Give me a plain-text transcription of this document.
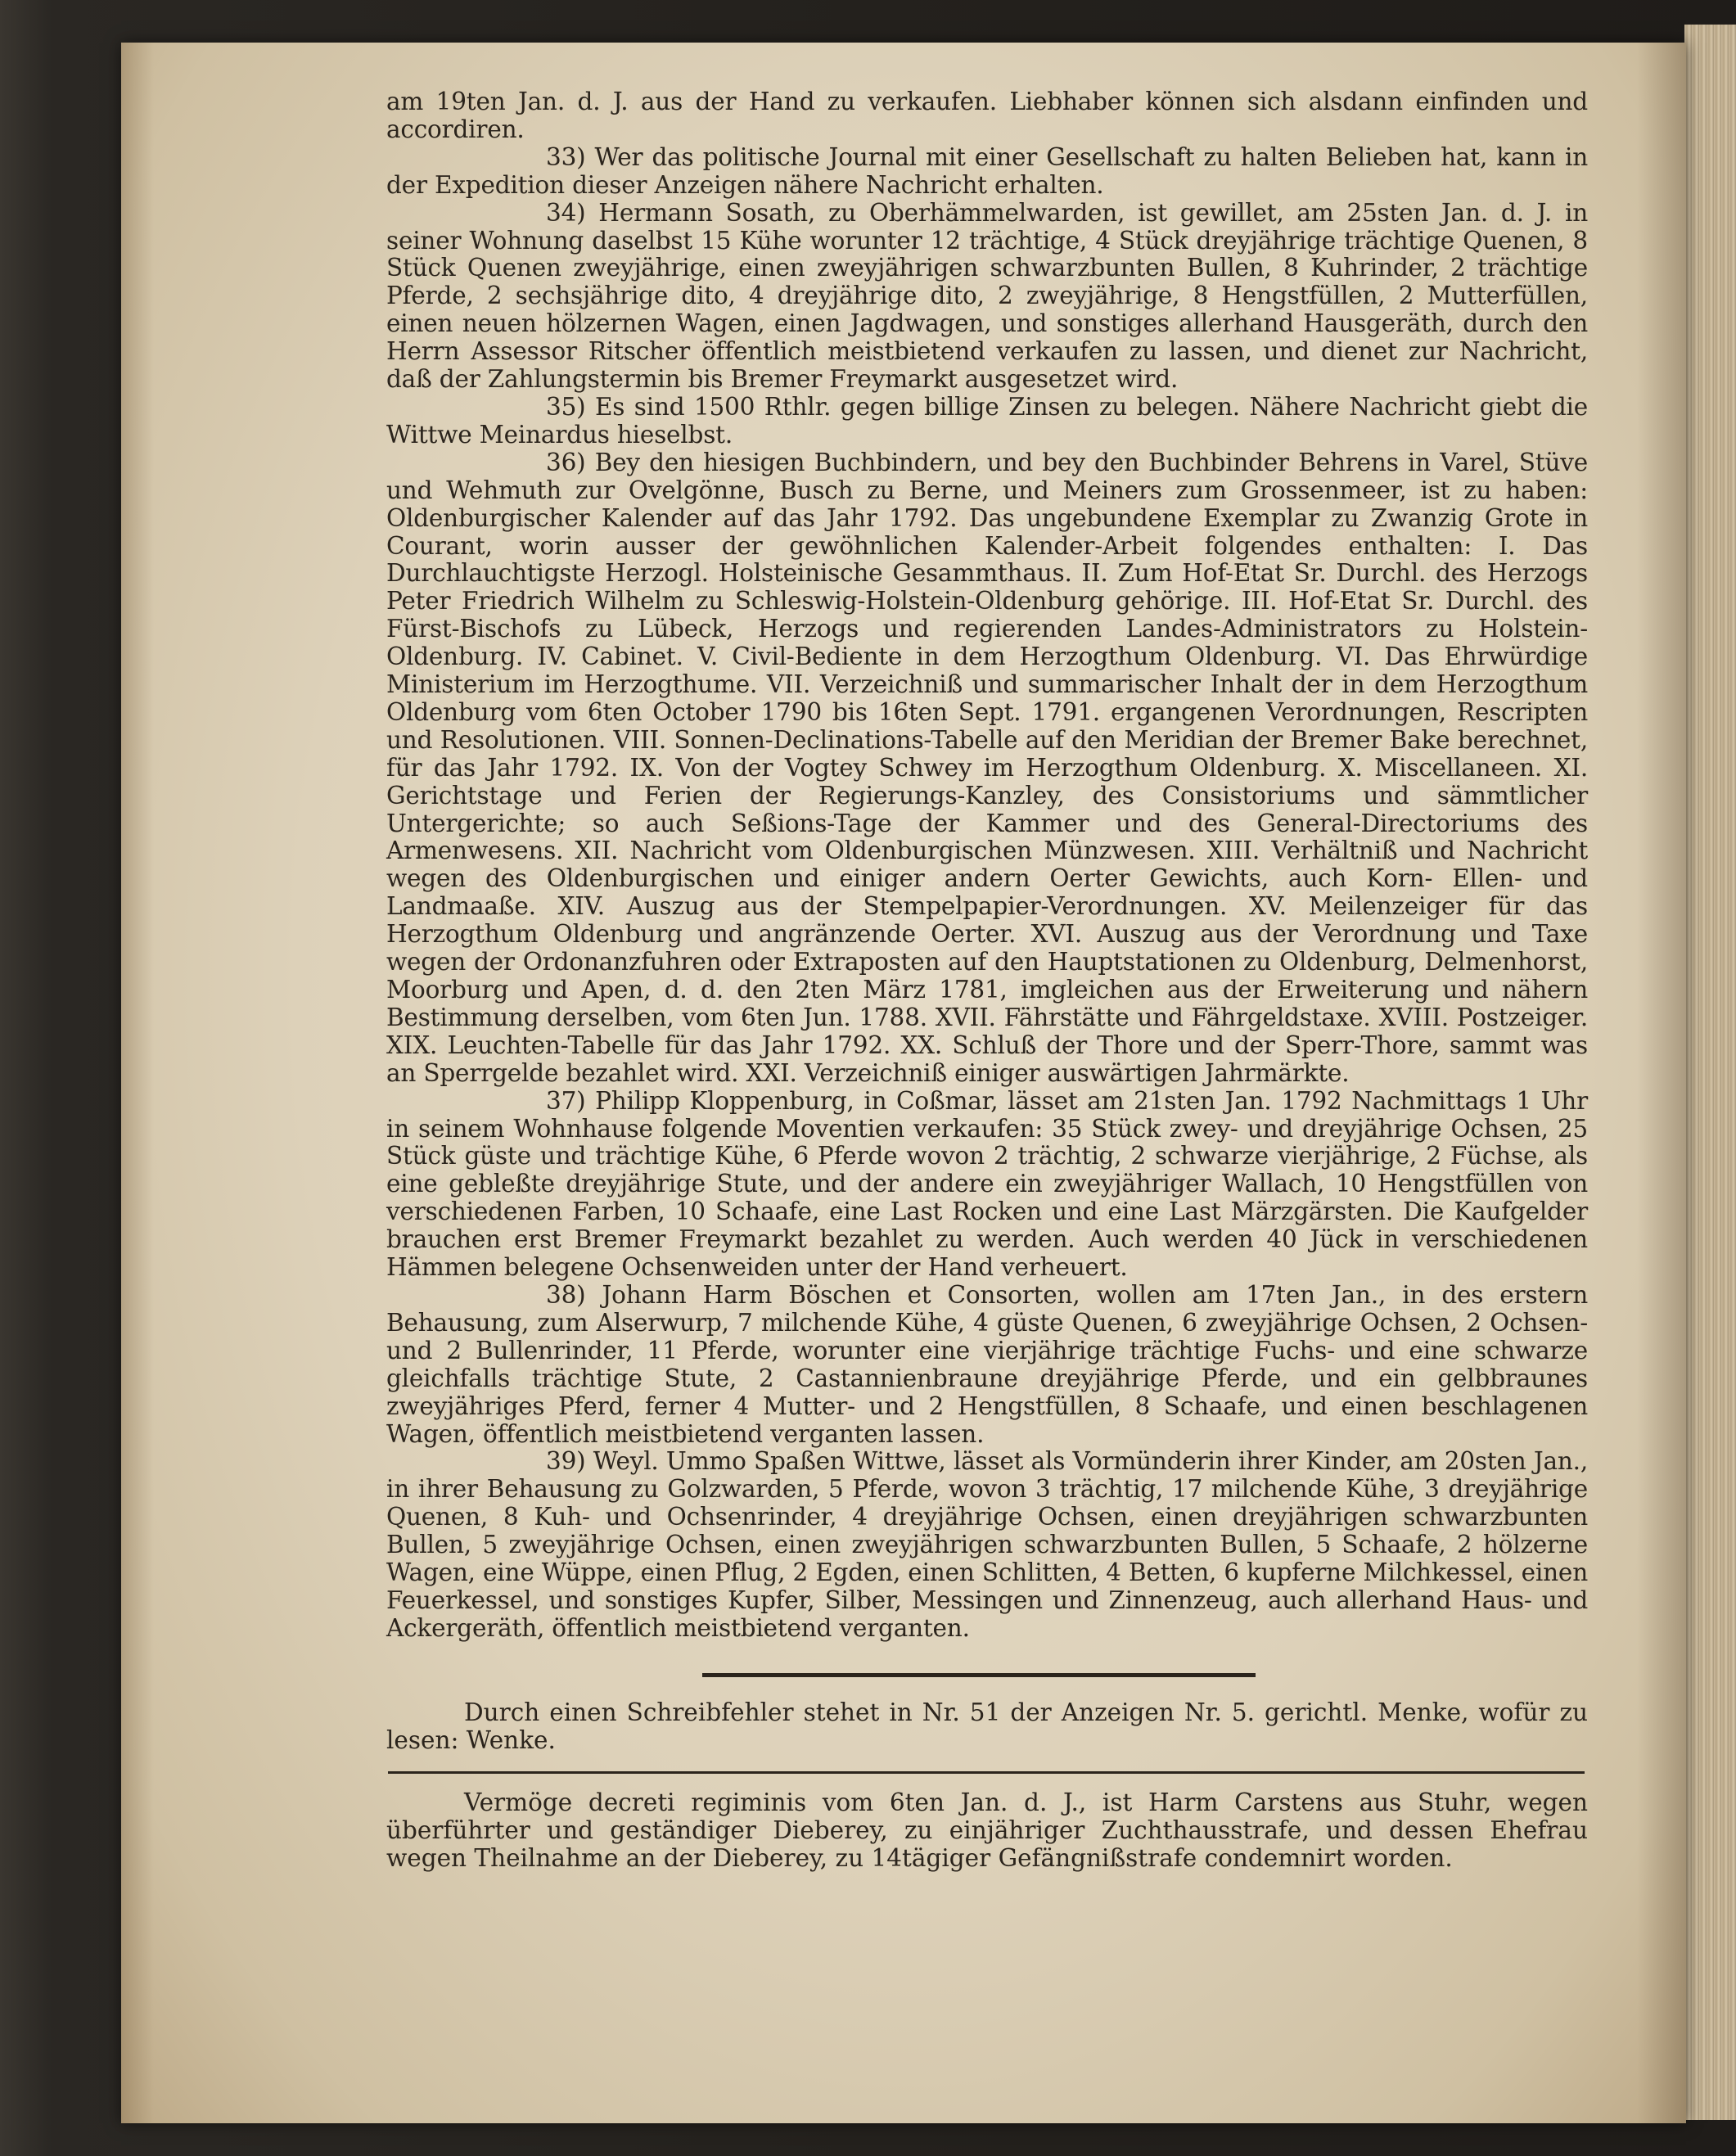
am 19ten Jan. d. J. aus der Hand zu verkaufen. Liebhaber können sich alsdann einfinden und accordiren.

33) Wer das politische Journal mit einer Gesellschaft zu halten Belieben hat, kann in der Expedition dieser Anzeigen nähere Nachricht erhalten.

34) Hermann Sosath, zu Oberhämmelwarden, ist gewillet, am 25sten Jan. d. J. in seiner Wohnung daselbst 15 Kühe worunter 12 trächtige, 4 Stück dreyjährige trächtige Quenen, 8 Stück Quenen zweyjährige, einen zweyjährigen schwarzbunten Bullen, 8 Kuhrinder, 2 trächtige Pferde, 2 sechsjährige dito, 4 dreyjährige dito, 2 zweyjährige, 8 Hengstfüllen, 2 Mutterfüllen, einen neuen hölzernen Wagen, einen Jagdwagen, und sonstiges allerhand Hausgeräth, durch den Herrn Assessor Ritscher öffentlich meistbietend verkaufen zu lassen, und dienet zur Nachricht, daß der Zahlungstermin bis Bremer Freymarkt ausgesetzet wird.

35) Es sind 1500 Rthlr. gegen billige Zinsen zu belegen. Nähere Nachricht giebt die Wittwe Meinardus hieselbst.

36) Bey den hiesigen Buchbindern, und bey den Buchbinder Behrens in Varel, Stüve und Wehmuth zur Ovelgönne, Busch zu Berne, und Meiners zum Grossenmeer, ist zu haben: Oldenburgischer Kalender auf das Jahr 1792. Das ungebundene Exemplar zu Zwanzig Grote in Courant, worin ausser der gewöhnlichen Kalender-Arbeit folgendes enthalten: I. Das Durchlauchtigste Herzogl. Holsteinische Gesammthaus. II. Zum Hof-Etat Sr. Durchl. des Herzogs Peter Friedrich Wilhelm zu Schleswig-Holstein-Oldenburg gehörige. III. Hof-Etat Sr. Durchl. des Fürst-Bischofs zu Lübeck, Herzogs und regierenden Landes-Administrators zu Holstein-Oldenburg. IV. Cabinet. V. Civil-Bediente in dem Herzogthum Oldenburg. VI. Das Ehrwürdige Ministerium im Herzogthume. VII. Verzeichniß und summarischer Inhalt der in dem Herzogthum Oldenburg vom 6ten October 1790 bis 16ten Sept. 1791. ergangenen Verordnungen, Rescripten und Resolutionen. VIII. Sonnen-Declinations-Tabelle auf den Meridian der Bremer Bake berechnet, für das Jahr 1792. IX. Von der Vogtey Schwey im Herzogthum Oldenburg. X. Miscellaneen. XI. Gerichtstage und Ferien der Regierungs-Kanzley, des Consistoriums und sämmtlicher Untergerichte; so auch Seßions-Tage der Kammer und des General-Directoriums des Armenwesens. XII. Nachricht vom Oldenburgischen Münzwesen. XIII. Verhältniß und Nachricht wegen des Oldenburgischen und einiger andern Oerter Gewichts, auch Korn- Ellen- und Landmaaße. XIV. Auszug aus der Stempelpapier-Verordnungen. XV. Meilenzeiger für das Herzogthum Oldenburg und angränzende Oerter. XVI. Auszug aus der Verordnung und Taxe wegen der Ordonanzfuhren oder Extraposten auf den Hauptstationen zu Oldenburg, Delmenhorst, Moorburg und Apen, d. d. den 2ten März 1781, imgleichen aus der Erweiterung und nähern Bestimmung derselben, vom 6ten Jun. 1788. XVII. Fährstätte und Fährgeldstaxe. XVIII. Postzeiger. XIX. Leuchten-Tabelle für das Jahr 1792. XX. Schluß der Thore und der Sperr-Thore, sammt was an Sperrgelde bezahlet wird. XXI. Verzeichniß einiger auswärtigen Jahrmärkte.

37) Philipp Kloppenburg, in Coßmar, lässet am 21sten Jan. 1792 Nachmittags 1 Uhr in seinem Wohnhause folgende Moventien verkaufen: 35 Stück zwey- und dreyjährige Ochsen, 25 Stück güste und trächtige Kühe, 6 Pferde wovon 2 trächtig, 2 schwarze vierjährige, 2 Füchse, als eine gebleßte dreyjährige Stute, und der andere ein zweyjähriger Wallach, 10 Hengstfüllen von verschiedenen Farben, 10 Schaafe, eine Last Rocken und eine Last Märzgärsten. Die Kaufgelder brauchen erst Bremer Freymarkt bezahlet zu werden. Auch werden 40 Jück in verschiedenen Hämmen belegene Ochsenweiden unter der Hand verheuert.

38) Johann Harm Böschen et Consorten, wollen am 17ten Jan., in des erstern Behausung, zum Alserwurp, 7 milchende Kühe, 4 güste Quenen, 6 zweyjährige Ochsen, 2 Ochsen- und 2 Bullenrinder, 11 Pferde, worunter eine vierjährige trächtige Fuchs- und eine schwarze gleichfalls trächtige Stute, 2 Castannienbraune dreyjährige Pferde, und ein gelbbraunes zweyjähriges Pferd, ferner 4 Mutter- und 2 Hengstfüllen, 8 Schaafe, und einen beschlagenen Wagen, öffentlich meistbietend verganten lassen.

39) Weyl. Ummo Spaßen Wittwe, lässet als Vormünderin ihrer Kinder, am 20sten Jan., in ihrer Behausung zu Golzwarden, 5 Pferde, wovon 3 trächtig, 17 milchende Kühe, 3 dreyjährige Quenen, 8 Kuh- und Ochsenrinder, 4 dreyjährige Ochsen, einen dreyjährigen schwarzbunten Bullen, 5 zweyjährige Ochsen, einen zweyjährigen schwarzbunten Bullen, 5 Schaafe, 2 hölzerne Wagen, eine Wüppe, einen Pflug, 2 Egden, einen Schlitten, 4 Betten, 6 kupferne Milchkessel, einen Feuerkessel, und sonstiges Kupfer, Silber, Messingen und Zinnenzeug, auch allerhand Haus- und Ackergeräth, öffentlich meistbietend verganten.

Durch einen Schreibfehler stehet in Nr. 51 der Anzeigen Nr. 5. gerichtl. Menke, wofür zu lesen: Wenke.

Vermöge decreti regiminis vom 6ten Jan. d. J., ist Harm Carstens aus Stuhr, wegen überführter und geständiger Dieberey, zu einjähriger Zuchthausstrafe, und dessen Ehefrau wegen Theilnahme an der Dieberey, zu 14tägiger Gefängnißstrafe condemnirt worden.
